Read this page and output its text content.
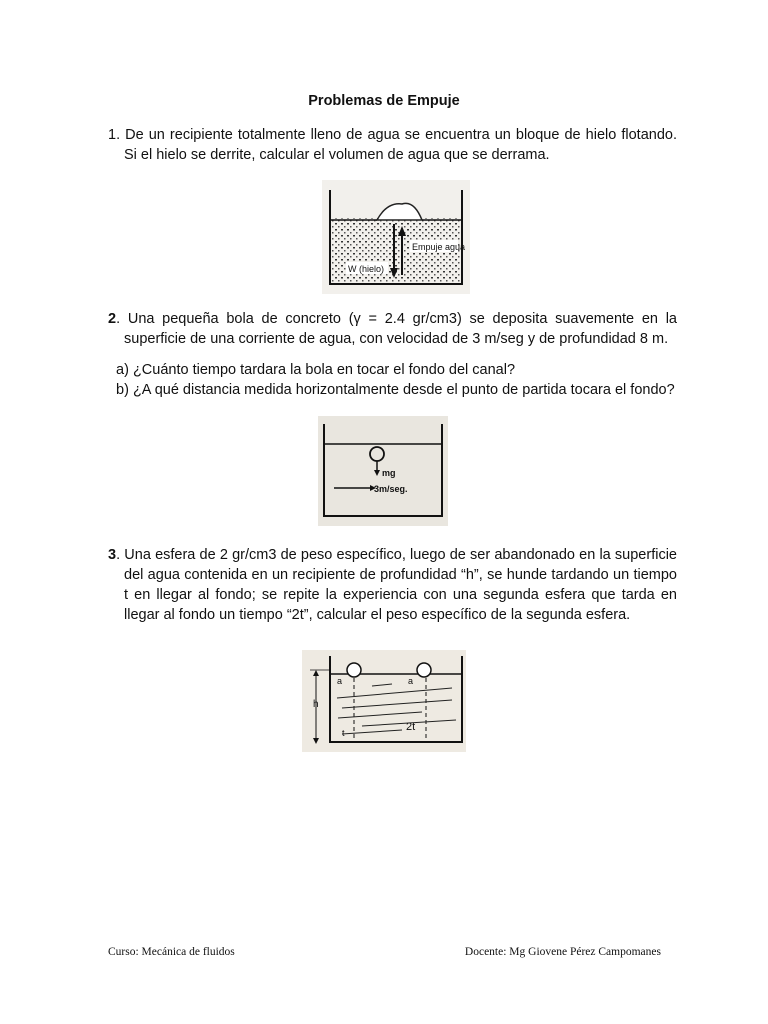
Problemas de Empuje
1. De un recipiente totalmente lleno de agua se encuentra un bloque de hielo flotando. Si el hielo se derrite, calcular el volumen de agua que se derrama.
Empuje agua
W (hielo)
2. Una pequeña bola de concreto (γ = 2.4 gr/cm3) se deposita suavemente en la superficie de una corriente de agua, con velocidad de 3 m/seg y de profundidad 8 m.
a) ¿Cuánto tiempo tardara la bola en tocar el fondo del canal?
b) ¿A qué distancia medida horizontalmente desde el punto de partida tocara el fondo?
mg
3m/seg.
3. Una esfera de 2 gr/cm3 de peso específico, luego de ser abandonado en la superficie del agua contenida en un recipiente de profundidad “h”, se hunde tardando un tiempo t en llegar al fondo; se repite la experiencia con una segunda esfera que tarda en llegar al fondo un tiempo “2t”, calcular el peso específico de la segunda esfera.
h
a	a
t	2t
Curso: Mecánica de fluidos	Docente: Mg Giovene Pérez Campomanes
